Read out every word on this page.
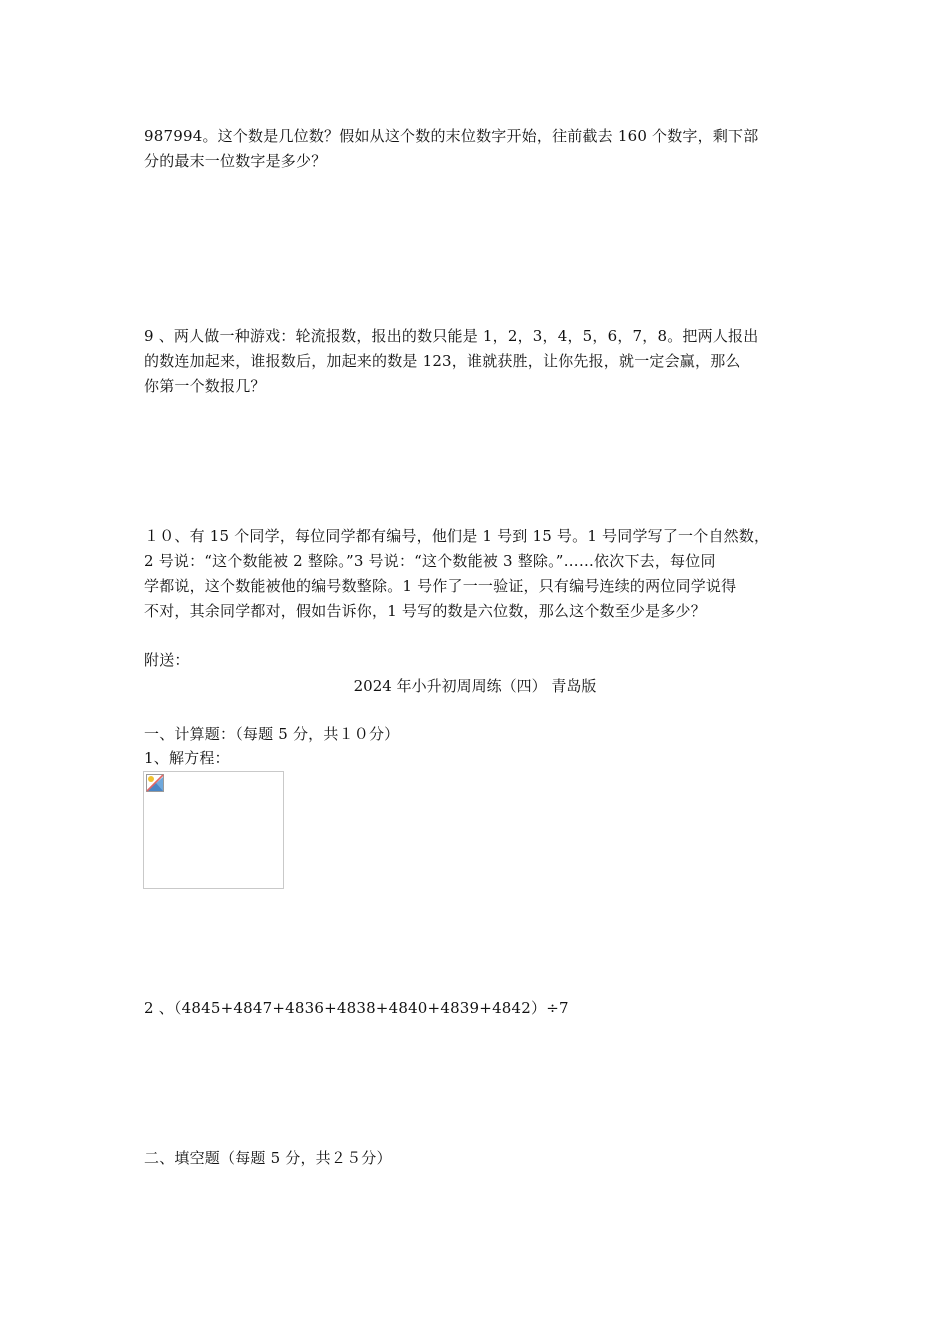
987994。这个数是几位数？假如从这个数的末位数字开始，往前截去 160 个数字，剩下部

分的最末一位数字是多少？

9 、两人做一种游戏：轮流报数，报出的数只能是 1，2，3，4，5，6，7，8。把两人报出

的数连加起来，谁报数后，加起来的数是 123，谁就获胜，让你先报，就一定会赢，那么

你第一个数报几？

１０、有 15 个同学，每位同学都有编号，他们是 1 号到 15 号。1 号同学写了一个自然数，

2 号说：“这个数能被 2 整除。”3 号说：“这个数能被 3 整除。”……依次下去，每位同

学都说，这个数能被他的编号数整除。1 号作了一一验证，只有编号连续的两位同学说得

不对，其余同学都对，假如告诉你，1 号写的数是六位数，那么这个数至少是多少？

附送：
2024 年小升初周周练（四） 青岛版

一、计算题：（每题 5 分，共１０分）

1、解方程：

2 、（4845+4847+4836+4838+4840+4839+4842）÷7
二、填空题（每题 5 分，共２５分）
